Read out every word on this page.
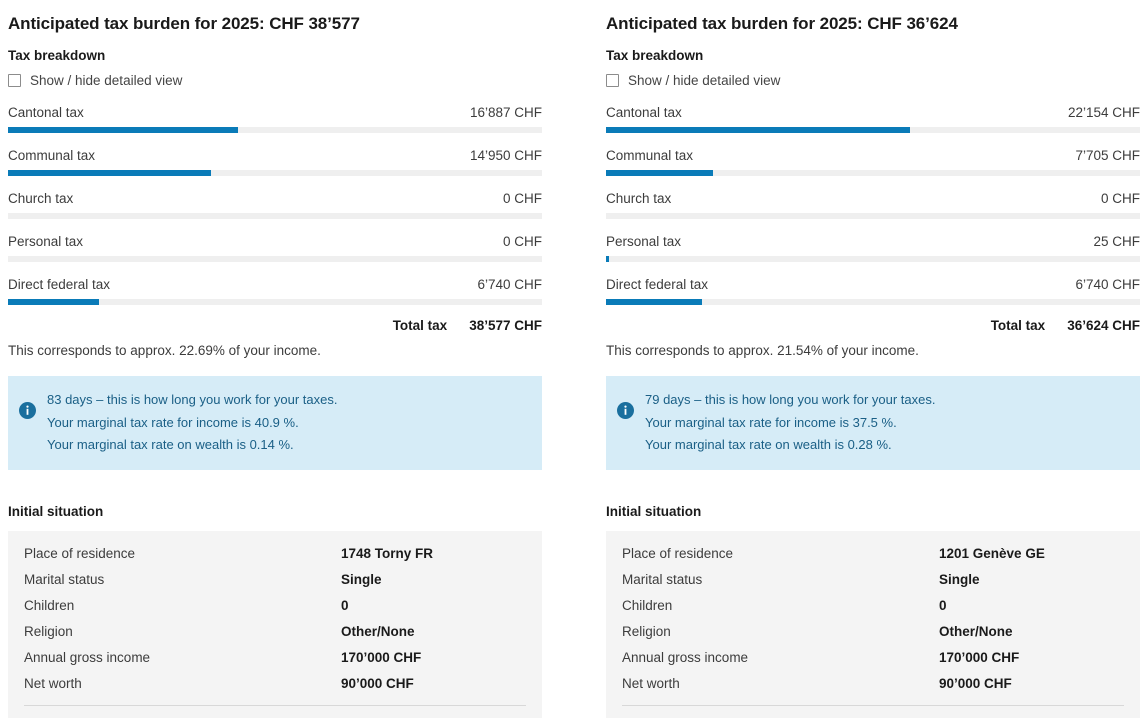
Anticipated tax burden for 2025: CHF 38’577
Tax breakdown
Show / hide detailed view
Cantonal tax	16’887 CHF
Communal tax	14’950 CHF
Church tax	0 CHF
Personal tax	0 CHF
Direct federal tax	6’740 CHF
Total tax 38’577 CHF
This corresponds to approx. 22.69% of your income.
83 days – this is how long you work for your taxes.
Your marginal tax rate for income is 40.9 %.
Your marginal tax rate on wealth is 0.14 %.
Initial situation
Place of residence	1748 Torny FR
Marital status	Single
Children	0
Religion	Other/None
Annual gross income	170’000 CHF
Net worth	90’000 CHF
Anticipated tax burden for 2025: CHF 36’624
Tax breakdown
Show / hide detailed view
Cantonal tax	22’154 CHF
Communal tax	7’705 CHF
Church tax	0 CHF
Personal tax	25 CHF
Direct federal tax	6’740 CHF
Total tax 36’624 CHF
This corresponds to approx. 21.54% of your income.
79 days – this is how long you work for your taxes.
Your marginal tax rate for income is 37.5 %.
Your marginal tax rate on wealth is 0.28 %.
Initial situation
Place of residence	1201 Genève GE
Marital status	Single
Children	0
Religion	Other/None
Annual gross income	170’000 CHF
Net worth	90’000 CHF
